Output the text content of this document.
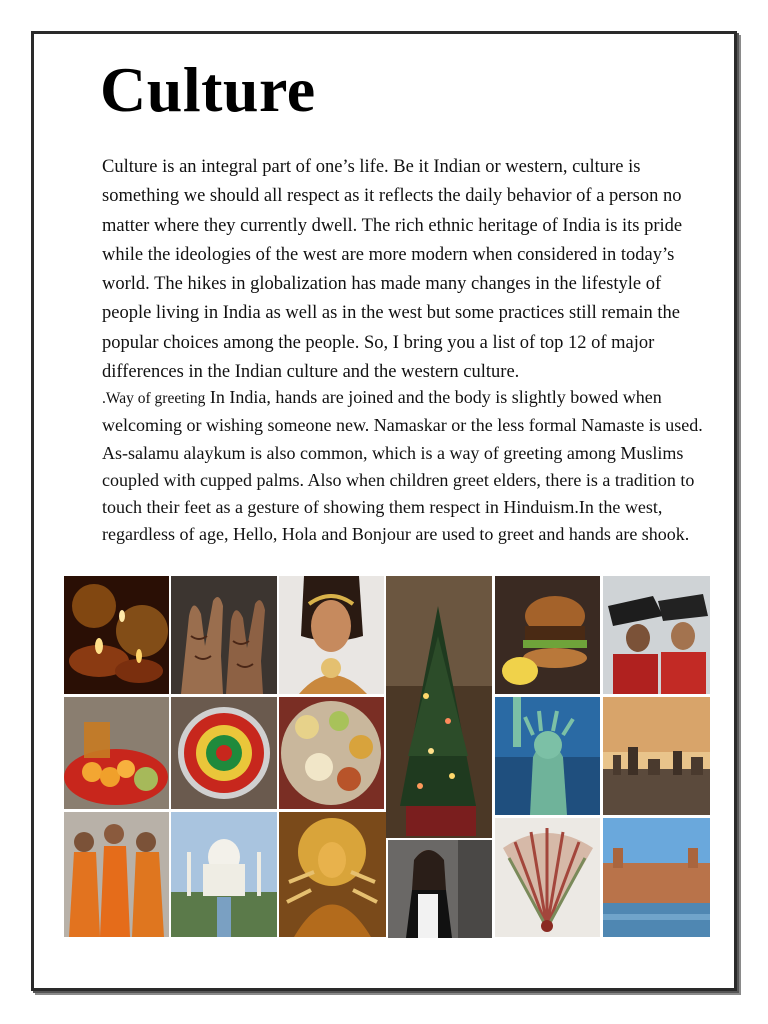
Culture

Culture is an integral part of one’s life. Be it Indian or western, culture is something we should all respect as it reflects the daily behavior of a person no matter where they currently dwell. The rich ethnic heritage of India is its pride while the ideologies of the west are more modern when considered in today’s world. The hikes in globalization has made many changes in the lifestyle of people living in India as well as in the west but some practices still remain the popular choices among the people. So, I bring you a list of top 12 of major differences in the Indian culture and the western culture.

.Way of greeting In India, hands are joined and the body is slightly bowed when welcoming or wishing someone new. Namaskar or the less formal Namaste is used. As-salamu alaykum is also common, which is a way of greeting among Muslims coupled with cupped palms. Also when children greet elders, there is a tradition to touch their feet as a gesture of showing them respect in Hinduism.In the west, regardless of age, Hello, Hola and Bonjour are used to greet and hands are shook.
